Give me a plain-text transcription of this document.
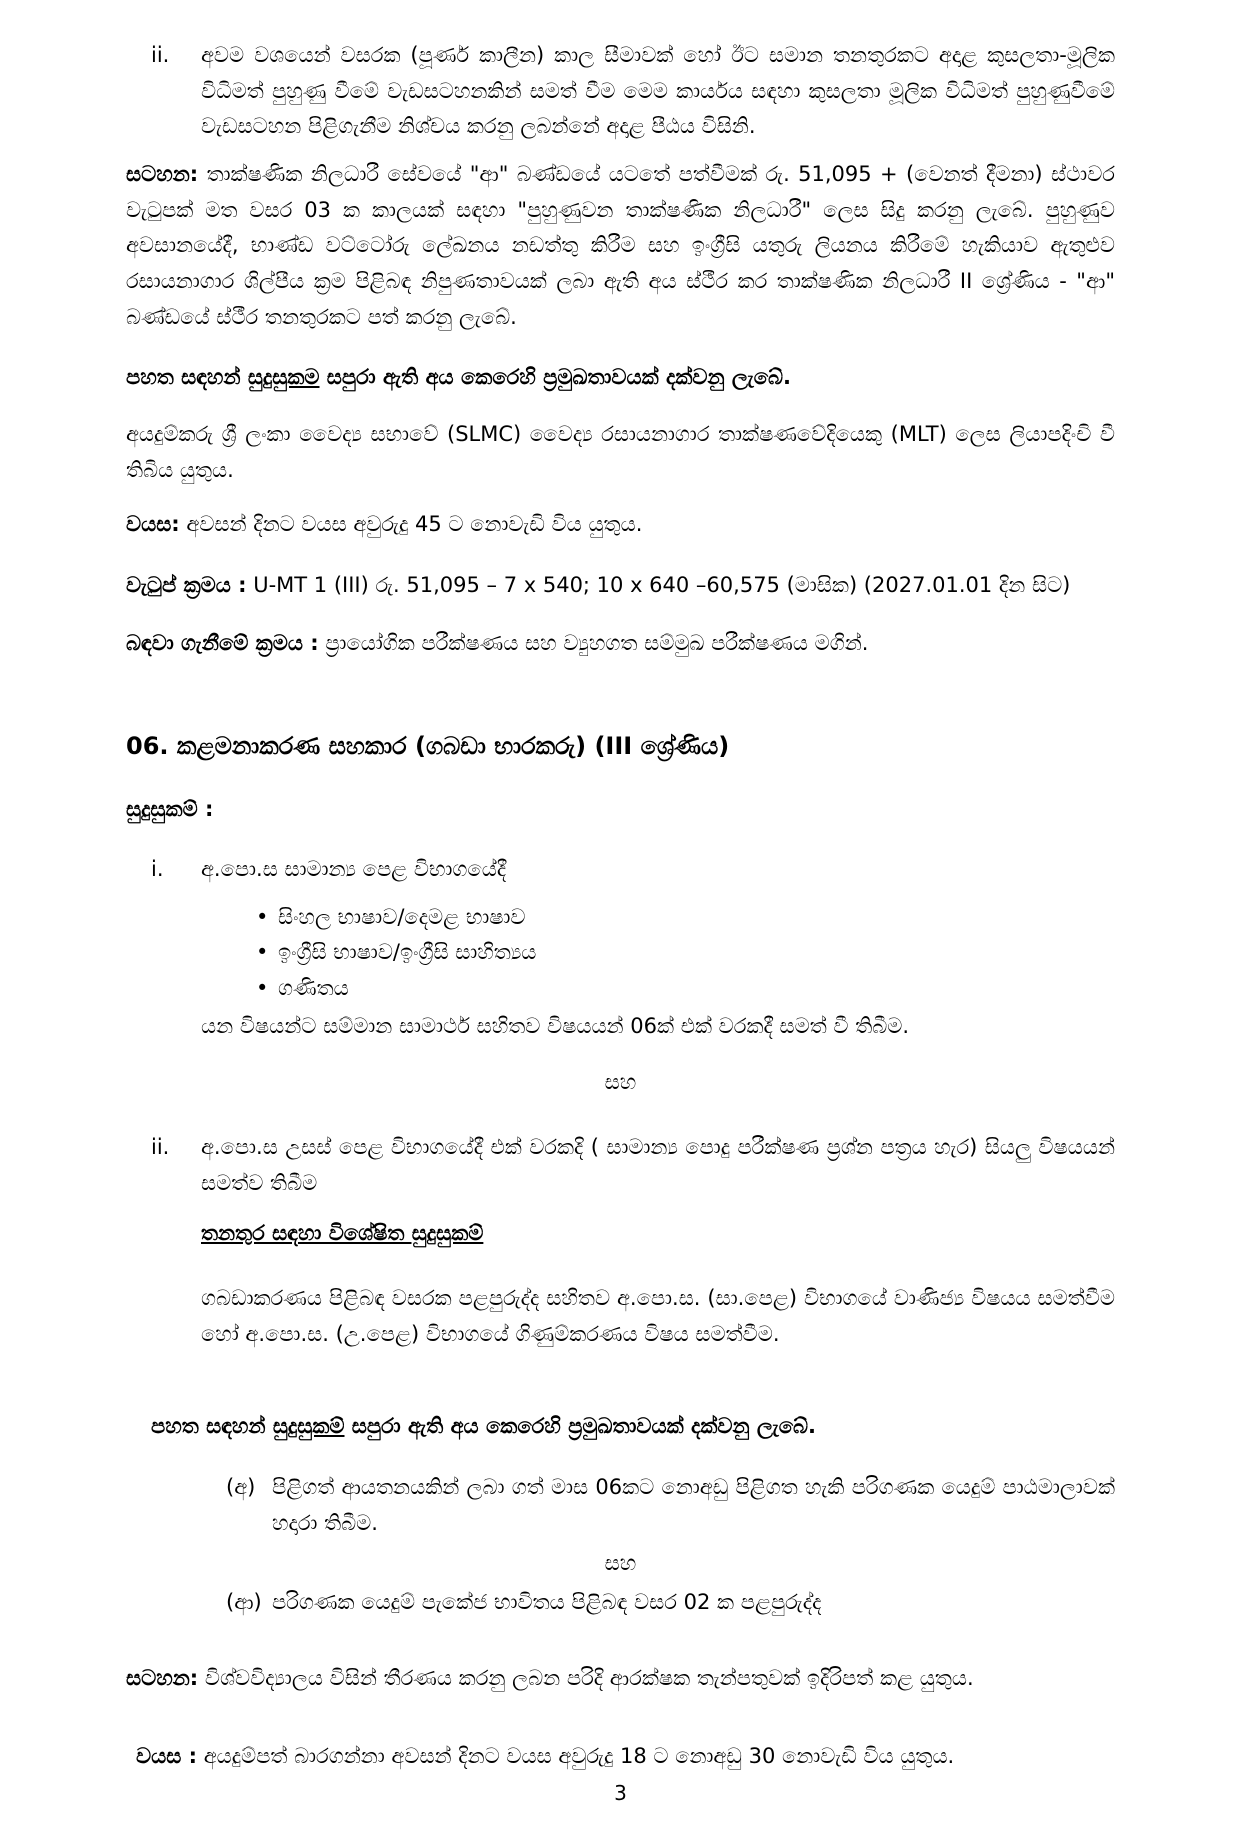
ii.	අවම වශයෙන් වසරක (පූර්ණ කාලීන) කාල සීමාවක් හෝ ඊට සමාන තනතුරකට අදාළ කුසලතා-මූලික විධිමත් පුහුණු වීමේ වැඩසටහනකින් සමත් වීම මෙම කාර්යය සඳහා කුසලතා මූලික විධිමත් පුහුණුවීමේ වැඩසටහන පිළිගැනීම නිශ්චය කරනු ලබන්නේ අදාළ පීඨය විසිනි.

සටහන: තාක්ෂණික නිලධාරී සේවයේ "ආ" බණ්ඩයේ යටතේ පත්වීමක් රු. 51,095 + (වෙනත් දීමනා) ස්ථාවර වැටුපක් මත වසර 03 ක කාලයක් සඳහා "පුහුණුවන තාක්ෂණික නිලධාරී" ලෙස සිදු කරනු ලැබේ. පුහුණුව අවසානයේදී, භාණ්ඩ වට්ටෝරු ලේඛනය නඩත්තු කිරීම සහ ඉංග්‍රීසි යතුරු ලියනය කිරීමේ හැකියාව ඇතුළුව රසායනාගාර ශිල්පීය ක්‍රම පිළිබඳ නිපුණතාවයක් ලබා ඇති අය ස්ථීර කර තාක්ෂණික නිලධාරී II ශ්‍රේණිය - "ආ" බණ්ඩයේ ස්ථීර තනතුරකට පත් කරනු ලැබේ.

පහත සඳහන් සුදුසුකම සපුරා ඇති අය කෙරෙහි ප්‍රමුඛතාවයක් දක්වනු ලැබේ.

අයදුම්කරු ශ්‍රී ලංකා වෛද්‍ය සභාවේ (SLMC) වෛද්‍ය රසායනාගාර තාක්ෂණවේදියෙකු (MLT) ලෙස ලියාපදිංචි වී තිබිය යුතුය.

වයස: අවසන් දිනට වයස අවුරුදු 45 ට නොවැඩි විය යුතුය.

වැටුප් ක්‍රමය : U-MT 1 (III) රු. 51,095 – 7 x 540; 10 x 640 –60,575 (මාසික) (2027.01.01 දින සිට)

බඳවා ගැනීමේ ක්‍රමය : ප්‍රායෝගික පරීක්ෂණය සහ ව්‍යුහගත සම්මුඛ පරීක්ෂණය මගින්.

06. කළමනාකරණ සහකාර (ගබඩා භාරකරු) (III ශ්‍රේණිය)

සුදුසුකම් :

i.	අ.පො.ස සාමාන්‍ය පෙළ විභාගයේදී
• සිංහල භාෂාව/දෙමළ භාෂාව
• ඉංග්‍රීසි භාෂාව/ඉංග්‍රීසි සාහිත්‍යය
• ගණිතය

යන විෂයන්ට සම්මාන සාමාර්ථ සහිතව විෂයයන් 06ක් එක් වරකදී සමත් වී තිබීම.

සහ

ii.	අ.පො.ස උසස් පෙළ විභාගයේදී එක් වරකදි ( සාමාන්‍ය පොදු පරීක්ෂණ ප්‍රශ්න පත්‍රය හැර) සියලු විෂයයන් සමත්ව තිබීම

තනතුර සඳහා විශේෂිත සුදුසුකම්

ගබඩාකරණය පිළිබඳ වසරක පළපුරුද්ද සහිතව අ.පො.ස. (සා.පෙළ) විභාගයේ වාණිජ්‍ය විෂයය සමත්වීම හෝ අ.පො.ස. (උ.පෙළ) විභාගයේ ගිණුම්කරණය විෂය සමත්වීම.

පහත සඳහන් සුදුසුකම් සපුරා ඇති අය කෙරෙහි ප්‍රමුඛතාවයක් දක්වනු ලැබේ.

(අ) පිළිගත් ආයතනයකින් ලබා ගත් මාස 06කට නොඅඩු පිළිගත හැකි පරිගණක යෙදුම් පාඨමාලාවක් හදාරා තිබීම.

සහ

(ආ) පරිගණක යෙදුම් පැකේජ භාවිතය පිළිබඳ වසර 02 ක පළපුරුද්ද

සටහන: විශ්වවිද්‍යාලය විසින් තීරණය කරනු ලබන පරිදි ආරක්ෂක තැන්පතුවක් ඉදිරිපත් කළ යුතුය.

වයස : අයදුම්පත් බාරගන්නා අවසන් දිනට වයස අවුරුදු 18 ට නොඅඩු 30 නොවැඩි විය යුතුය.

3
